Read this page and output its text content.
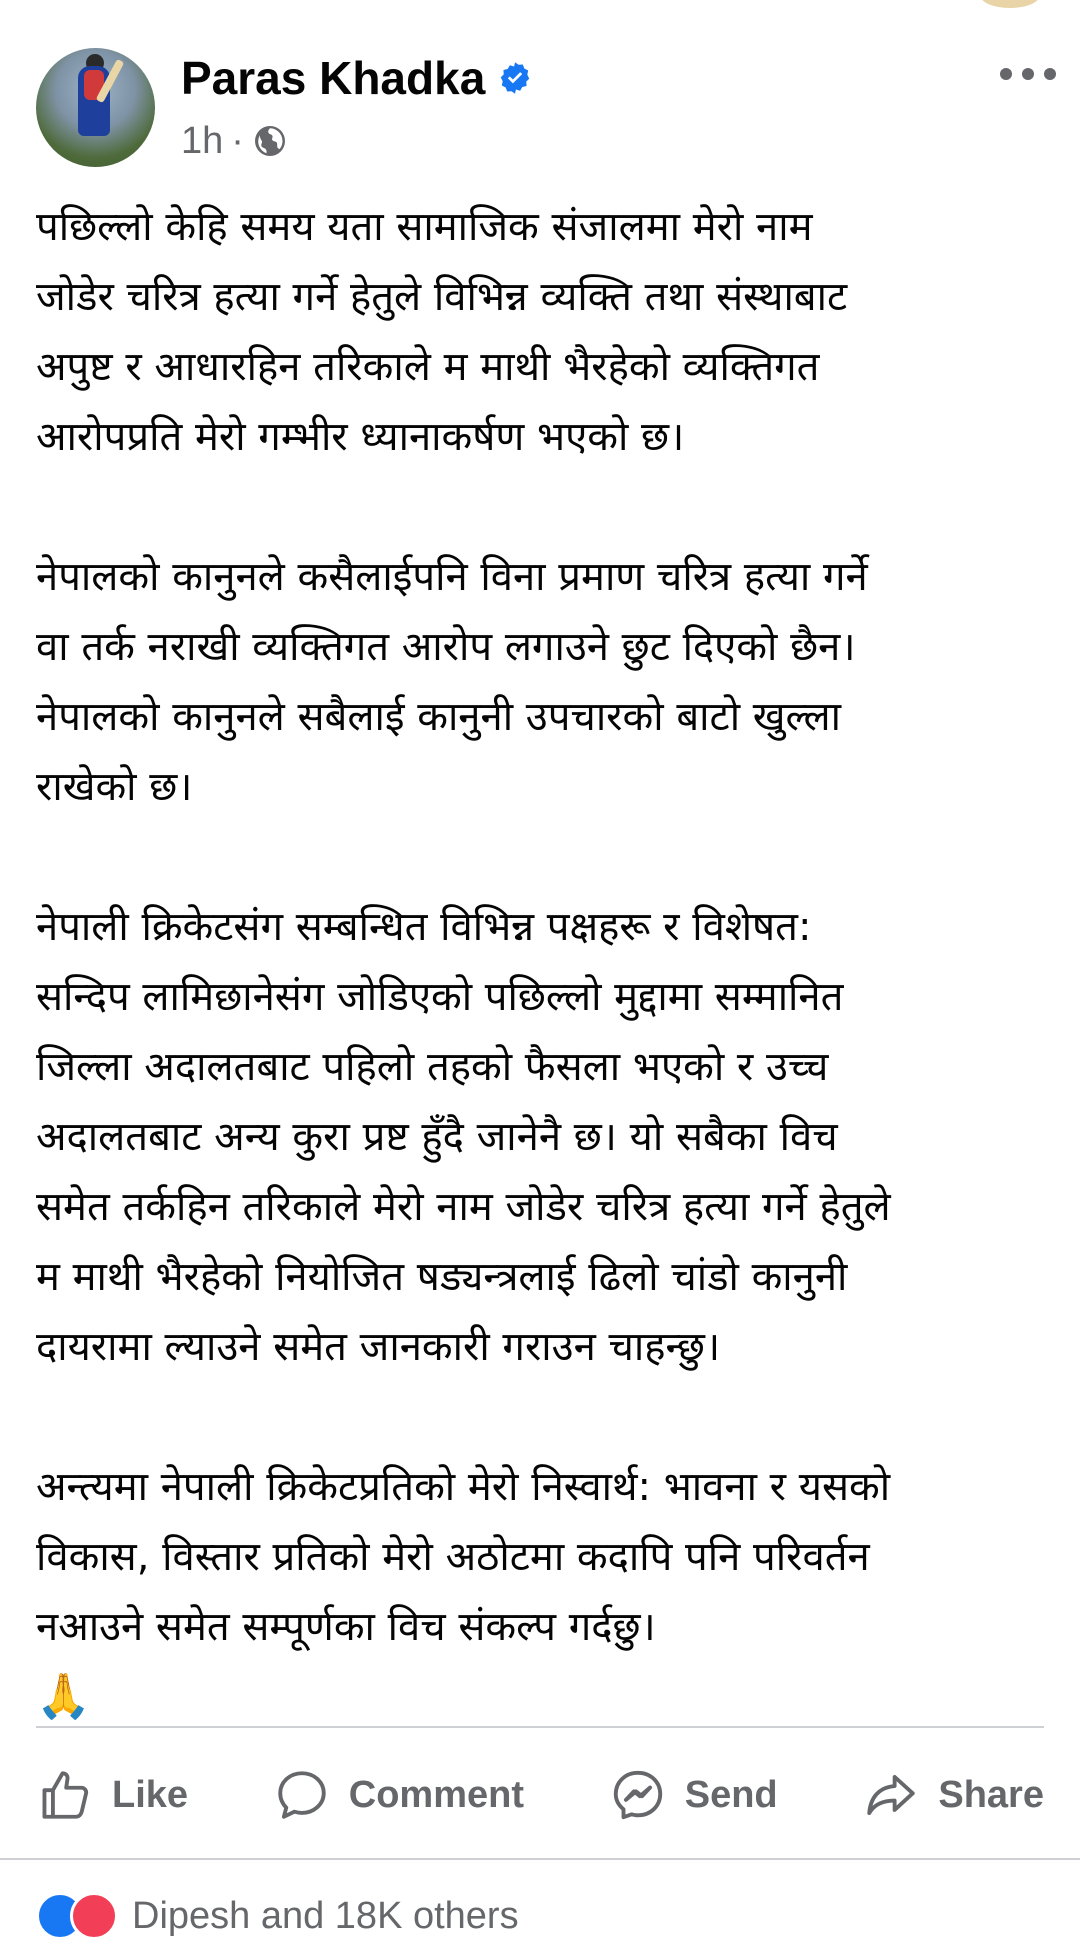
Paras Khadka
1h ·

पछिल्लो केहि समय यता सामाजिक संजालमा मेरो नाम
जोडेर चरित्र हत्या गर्ने हेतुले विभिन्न व्यक्ति तथा संस्थाबाट
अपुष्ट र आधारहिन तरिकाले म माथी भैरहेको व्यक्तिगत
आरोपप्रति मेरो गम्भीर ध्यानाकर्षण भएको छ।

नेपालको कानुनले कसैलाईपनि विना प्रमाण चरित्र हत्या गर्ने
वा तर्क नराखी व्यक्तिगत आरोप लगाउने छुट दिएको छैन।
नेपालको कानुनले सबैलाई कानुनी उपचारको बाटो खुल्ला
राखेको छ।

नेपाली क्रिकेटसंग सम्बन्धित विभिन्न पक्षहरू र विशेषत:
सन्दिप लामिछानेसंग जोडिएको पछिल्लो मुद्दामा सम्मानित
जिल्ला अदालतबाट पहिलो तहको फैसला भएको र उच्च
अदालतबाट अन्य कुरा प्रष्ट हुँदै जानेनै छ। यो सबैका विच
समेत तर्कहिन तरिकाले मेरो नाम जोडेर चरित्र हत्या गर्ने हेतुले
म माथी भैरहेको नियोजित षड्यन्त्रलाई ढिलो चांडो कानुनी
दायरामा ल्याउने समेत जानकारी गराउन चाहन्छु।

अन्त्यमा नेपाली क्रिकेटप्रतिको मेरो निस्वार्थ: भावना र यसको
विकास, विस्तार प्रतिको मेरो अठोटमा कदापि पनि परिवर्तन
नआउने समेत सम्पूर्णका विच संकल्प गर्दछु।

🙏
Like	Comment	Send	Share
Dipesh and 18K others
